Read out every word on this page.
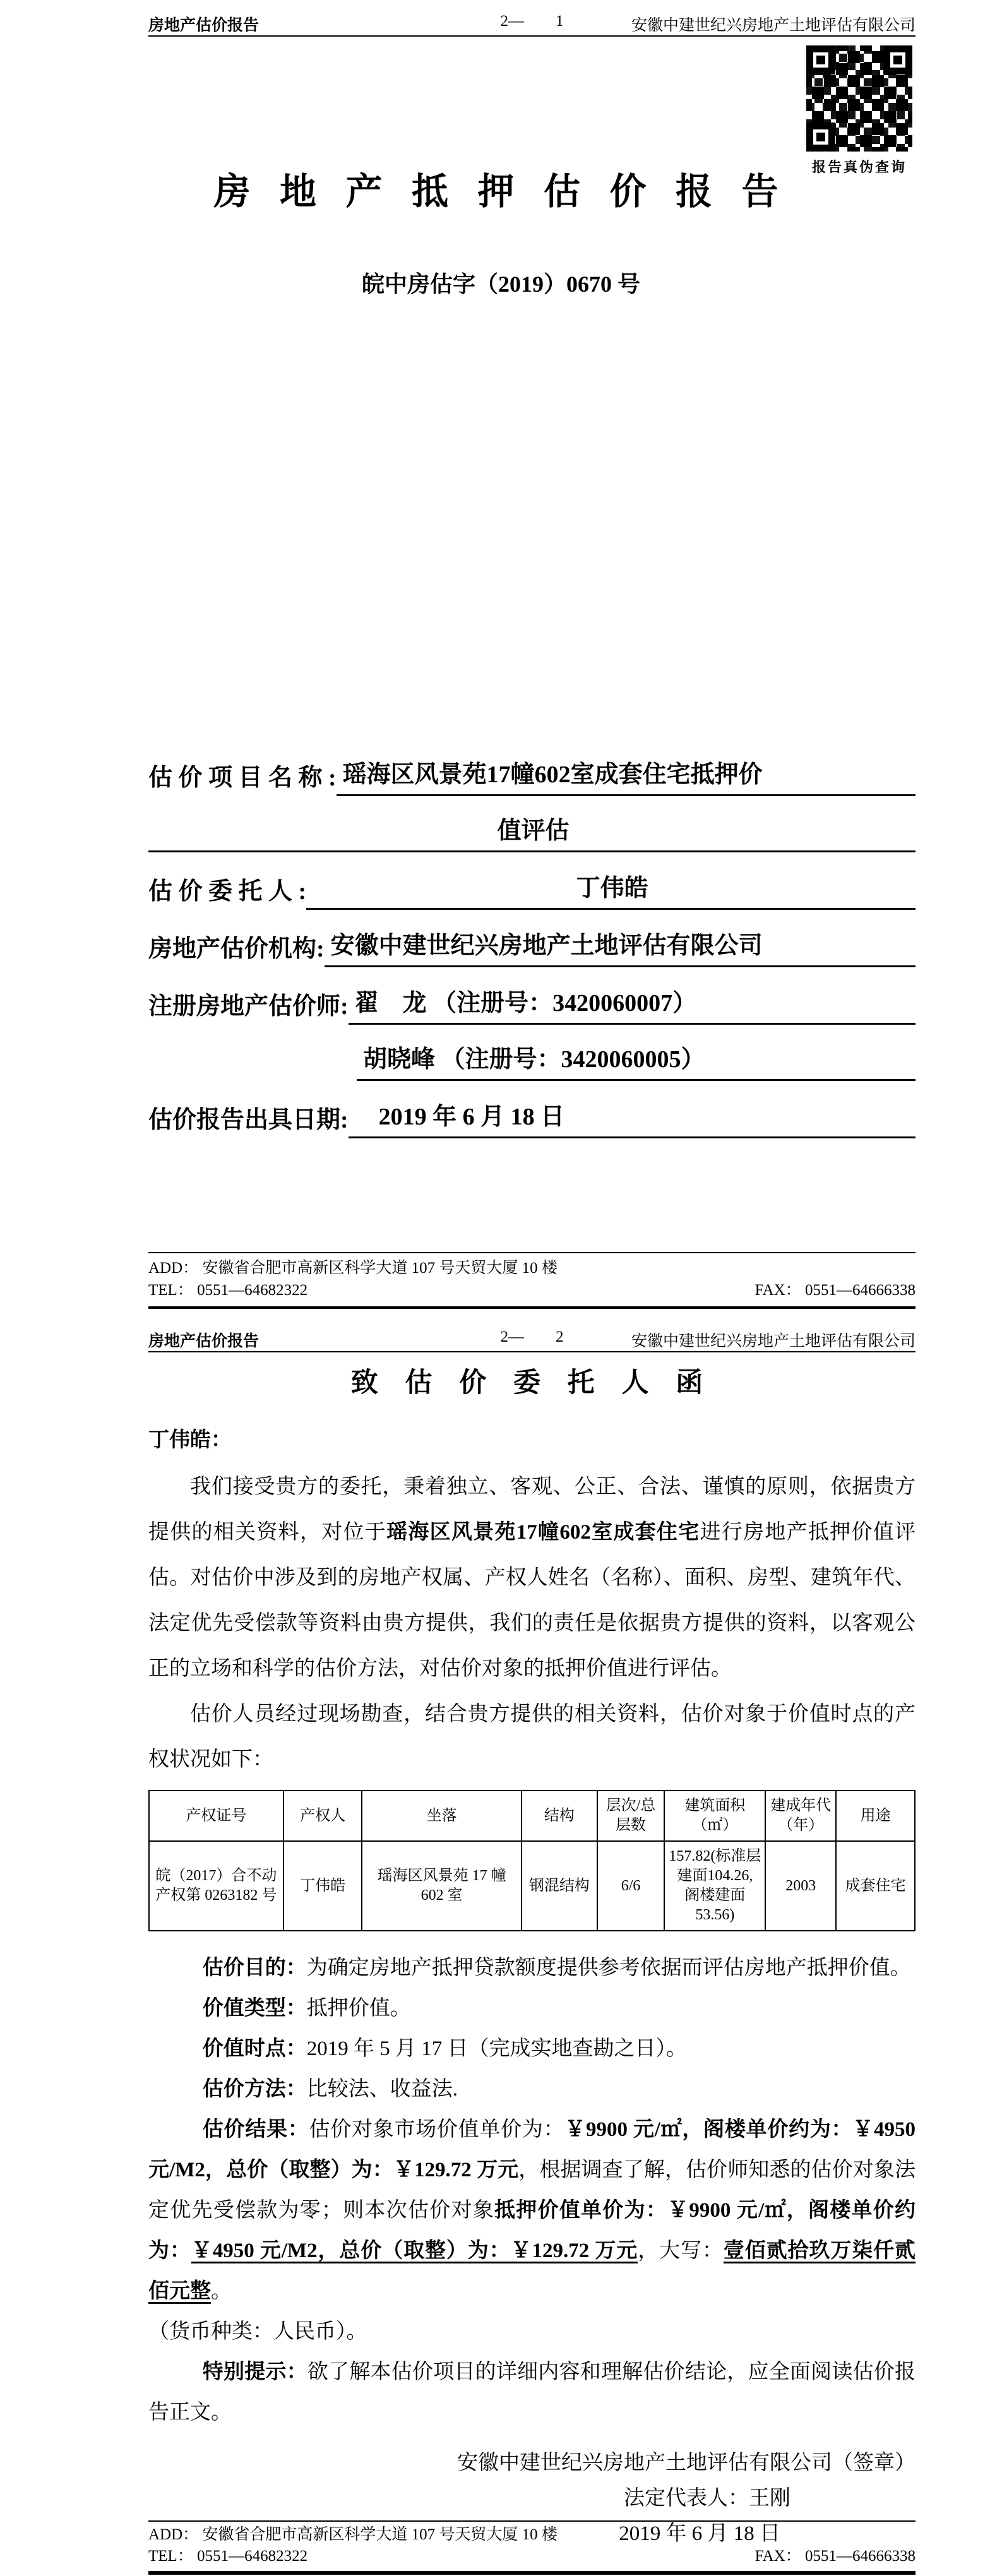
房地产估价报告	2— 1	安徽中建世纪兴房地产土地评估有限公司
报告真伪查询
房 地 产 抵 押 估 价 报 告
皖中房估字（2019）0670 号
估 价 项 目 名 称 : 瑶海区风景苑17幢602室成套住宅抵押价
值评估
估 价 委 托 人 :	丁伟皓
房地产估价机构: 安徽中建世纪兴房地产土地评估有限公司
注册房地产估价师: 翟　龙 （注册号：3420060007）
胡晓峰 （注册号：3420060005）
估价报告出具日期:	2019 年 6 月 18 日
ADD： 安徽省合肥市高新区科学大道 107 号天贸大厦 10 楼
TEL： 0551—64682322	FAX： 0551—64666338
房地产估价报告	2— 2	安徽中建世纪兴房地产土地评估有限公司
致 估 价 委 托 人 函
丁伟皓：

我们接受贵方的委托，秉着独立、客观、公正、合法、谨慎的原则，依据贵方提供的相关资料，对位于瑶海区风景苑17幢602室成套住宅进行房地产抵押价值评估。对估价中涉及到的房地产权属、产权人姓名（名称）、面积、房型、建筑年代、法定优先受偿款等资料由贵方提供，我们的责任是依据贵方提供的资料，以客观公正的立场和科学的估价方法，对估价对象的抵押价值进行评估。

估价人员经过现场勘查，结合贵方提供的相关资料，估价对象于价值时点的产权状况如下：

产权证号	产权人	坐落	结构	层次/总层数	建筑面积（㎡）	建成年代（年）	用途
皖（2017）合不动产权第 0263182 号	丁伟皓	瑶海区风景苑 17 幢 602 室	钢混结构	6/6	157.82(标准层建面104.26, 阁楼建面 53.56)	2003	成套住宅

估价目的：为确定房地产抵押贷款额度提供参考依据而评估房地产抵押价值。

价值类型：抵押价值。

价值时点：2019 年 5 月 17 日（完成实地查勘之日）。

估价方法：比较法、收益法.

估价结果：估价对象市场价值单价为：￥9900 元/㎡，阁楼单价约为：￥4950 元/M2，总价（取整）为：￥129.72 万元，根据调查了解，估价师知悉的估价对象法定优先受偿款为零；则本次估价对象抵押价值单价为：￥9900 元/㎡，阁楼单价约为：￥4950 元/M2，总价（取整）为：￥129.72 万元，大写：壹佰贰拾玖万柒仟贰佰元整。

（货币种类：人民币）。

特别提示：欲了解本估价项目的详细内容和理解估价结论，应全面阅读估价报告正文。

安徽中建世纪兴房地产土地评估有限公司（签章）
法定代表人：王刚
2019 年 6 月 18 日
ADD： 安徽省合肥市高新区科学大道 107 号天贸大厦 10 楼
TEL： 0551—64682322	FAX： 0551—64666338
